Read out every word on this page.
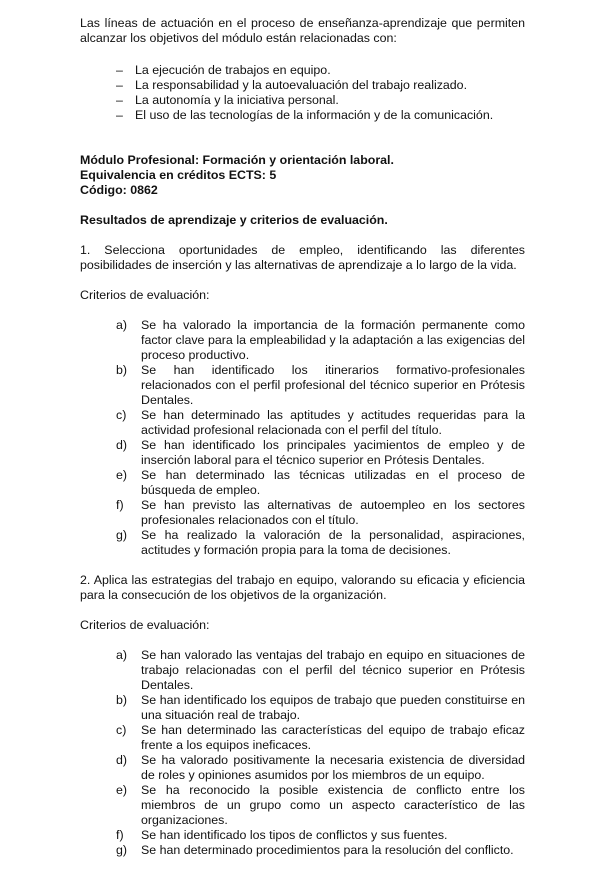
Las líneas de actuación en el proceso de enseñanza-aprendizaje que permiten alcanzar los objetivos del módulo están relacionadas con:

– La ejecución de trabajos en equipo.
– La responsabilidad y la autoevaluación del trabajo realizado.
– La autonomía y la iniciativa personal.
– El uso de las tecnologías de la información y de la comunicación.

Módulo Profesional: Formación y orientación laboral.

Equivalencia en créditos ECTS: 5

Código: 0862

Resultados de aprendizaje y criterios de evaluación.

1. Selecciona oportunidades de empleo, identificando las diferentes posibilidades de inserción y las alternativas de aprendizaje a lo largo de la vida.

Criterios de evaluación:

a) Se ha valorado la importancia de la formación permanente como factor clave para la empleabilidad y la adaptación a las exigencias del proceso productivo.
b) Se han identificado los itinerarios formativo-profesionales relacionados con el perfil profesional del técnico superior en Prótesis Dentales.
c) Se han determinado las aptitudes y actitudes requeridas para la actividad profesional relacionada con el perfil del título.
d) Se han identificado los principales yacimientos de empleo y de inserción laboral para el técnico superior en Prótesis Dentales.
e) Se han determinado las técnicas utilizadas en el proceso de búsqueda de empleo.
f) Se han previsto las alternativas de autoempleo en los sectores profesionales relacionados con el título.
g) Se ha realizado la valoración de la personalidad, aspiraciones, actitudes y formación propia para la toma de decisiones.

2. Aplica las estrategias del trabajo en equipo, valorando su eficacia y eficiencia para la consecución de los objetivos de la organización.

Criterios de evaluación:

a) Se han valorado las ventajas del trabajo en equipo en situaciones de trabajo relacionadas con el perfil del técnico superior en Prótesis Dentales.
b) Se han identificado los equipos de trabajo que pueden constituirse en una situación real de trabajo.
c) Se han determinado las características del equipo de trabajo eficaz frente a los equipos ineficaces.
d) Se ha valorado positivamente la necesaria existencia de diversidad de roles y opiniones asumidos por los miembros de un equipo.
e) Se ha reconocido la posible existencia de conflicto entre los miembros de un grupo como un aspecto característico de las organizaciones.
f) Se han identificado los tipos de conflictos y sus fuentes.
g) Se han determinado procedimientos para la resolución del conflicto.
